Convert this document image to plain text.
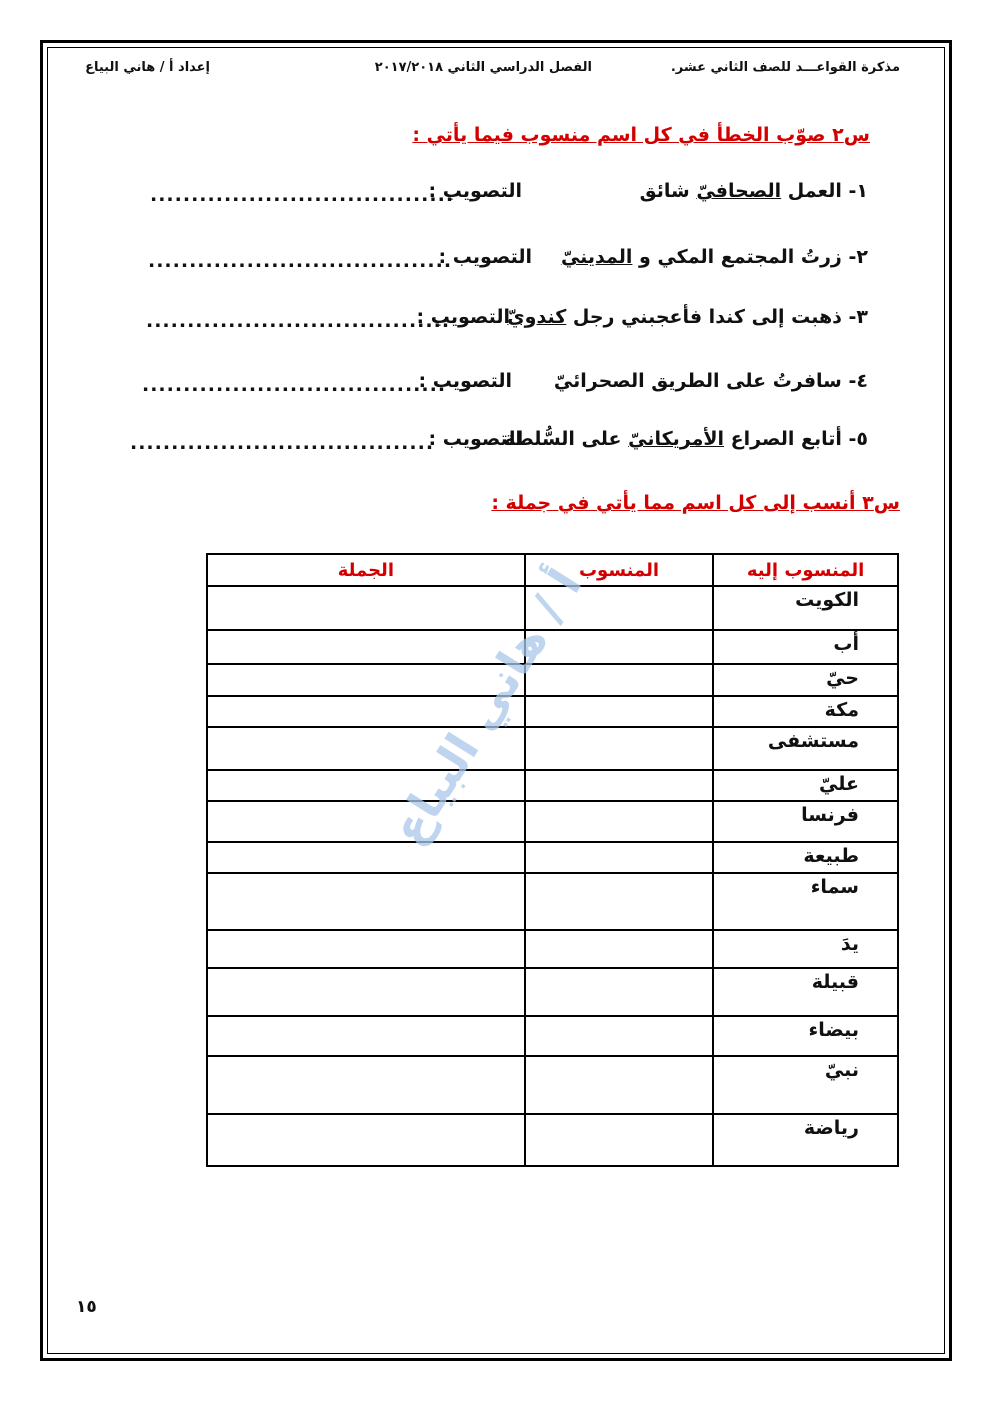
مذكرة القواعـــد للصف الثاني عشر.
الفصل الدراسي الثاني ٢٠١٧/٢٠١٨
إعداد أ / هاني البياع
س٢ صوّب الخطأ في كل اسم منسوب فيما يأتي :
١- العمل الصحافيّ شائق
التصويب :
.....................................
٢- زرتُ المجتمع المكي و المدينيّ
التصويب :
.....................................
٣- ذهبت إلى كندا فأعجبني رجل كندويّ
التصويب :
.....................................
٤- سافرتُ على الطريق الصحرائيّ
التصويب :
.....................................
٥- أتابع الصراع الأمريكانيّ على السُّلطة
التصويب :
.....................................
س٣ أنسب إلى كل اسم مما يأتي في جملة :
الجملة	المنسوب	المنسوب إليه
		الكويت
		أب
		حيّ
		مكة
		مستشفى
		عليّ
		فرنسا
		طبيعة
		سماء
		يدَ
		قبيلة
		بيضاء
		نبيّ
		رياضة
أ / هاني البياع
١٥
